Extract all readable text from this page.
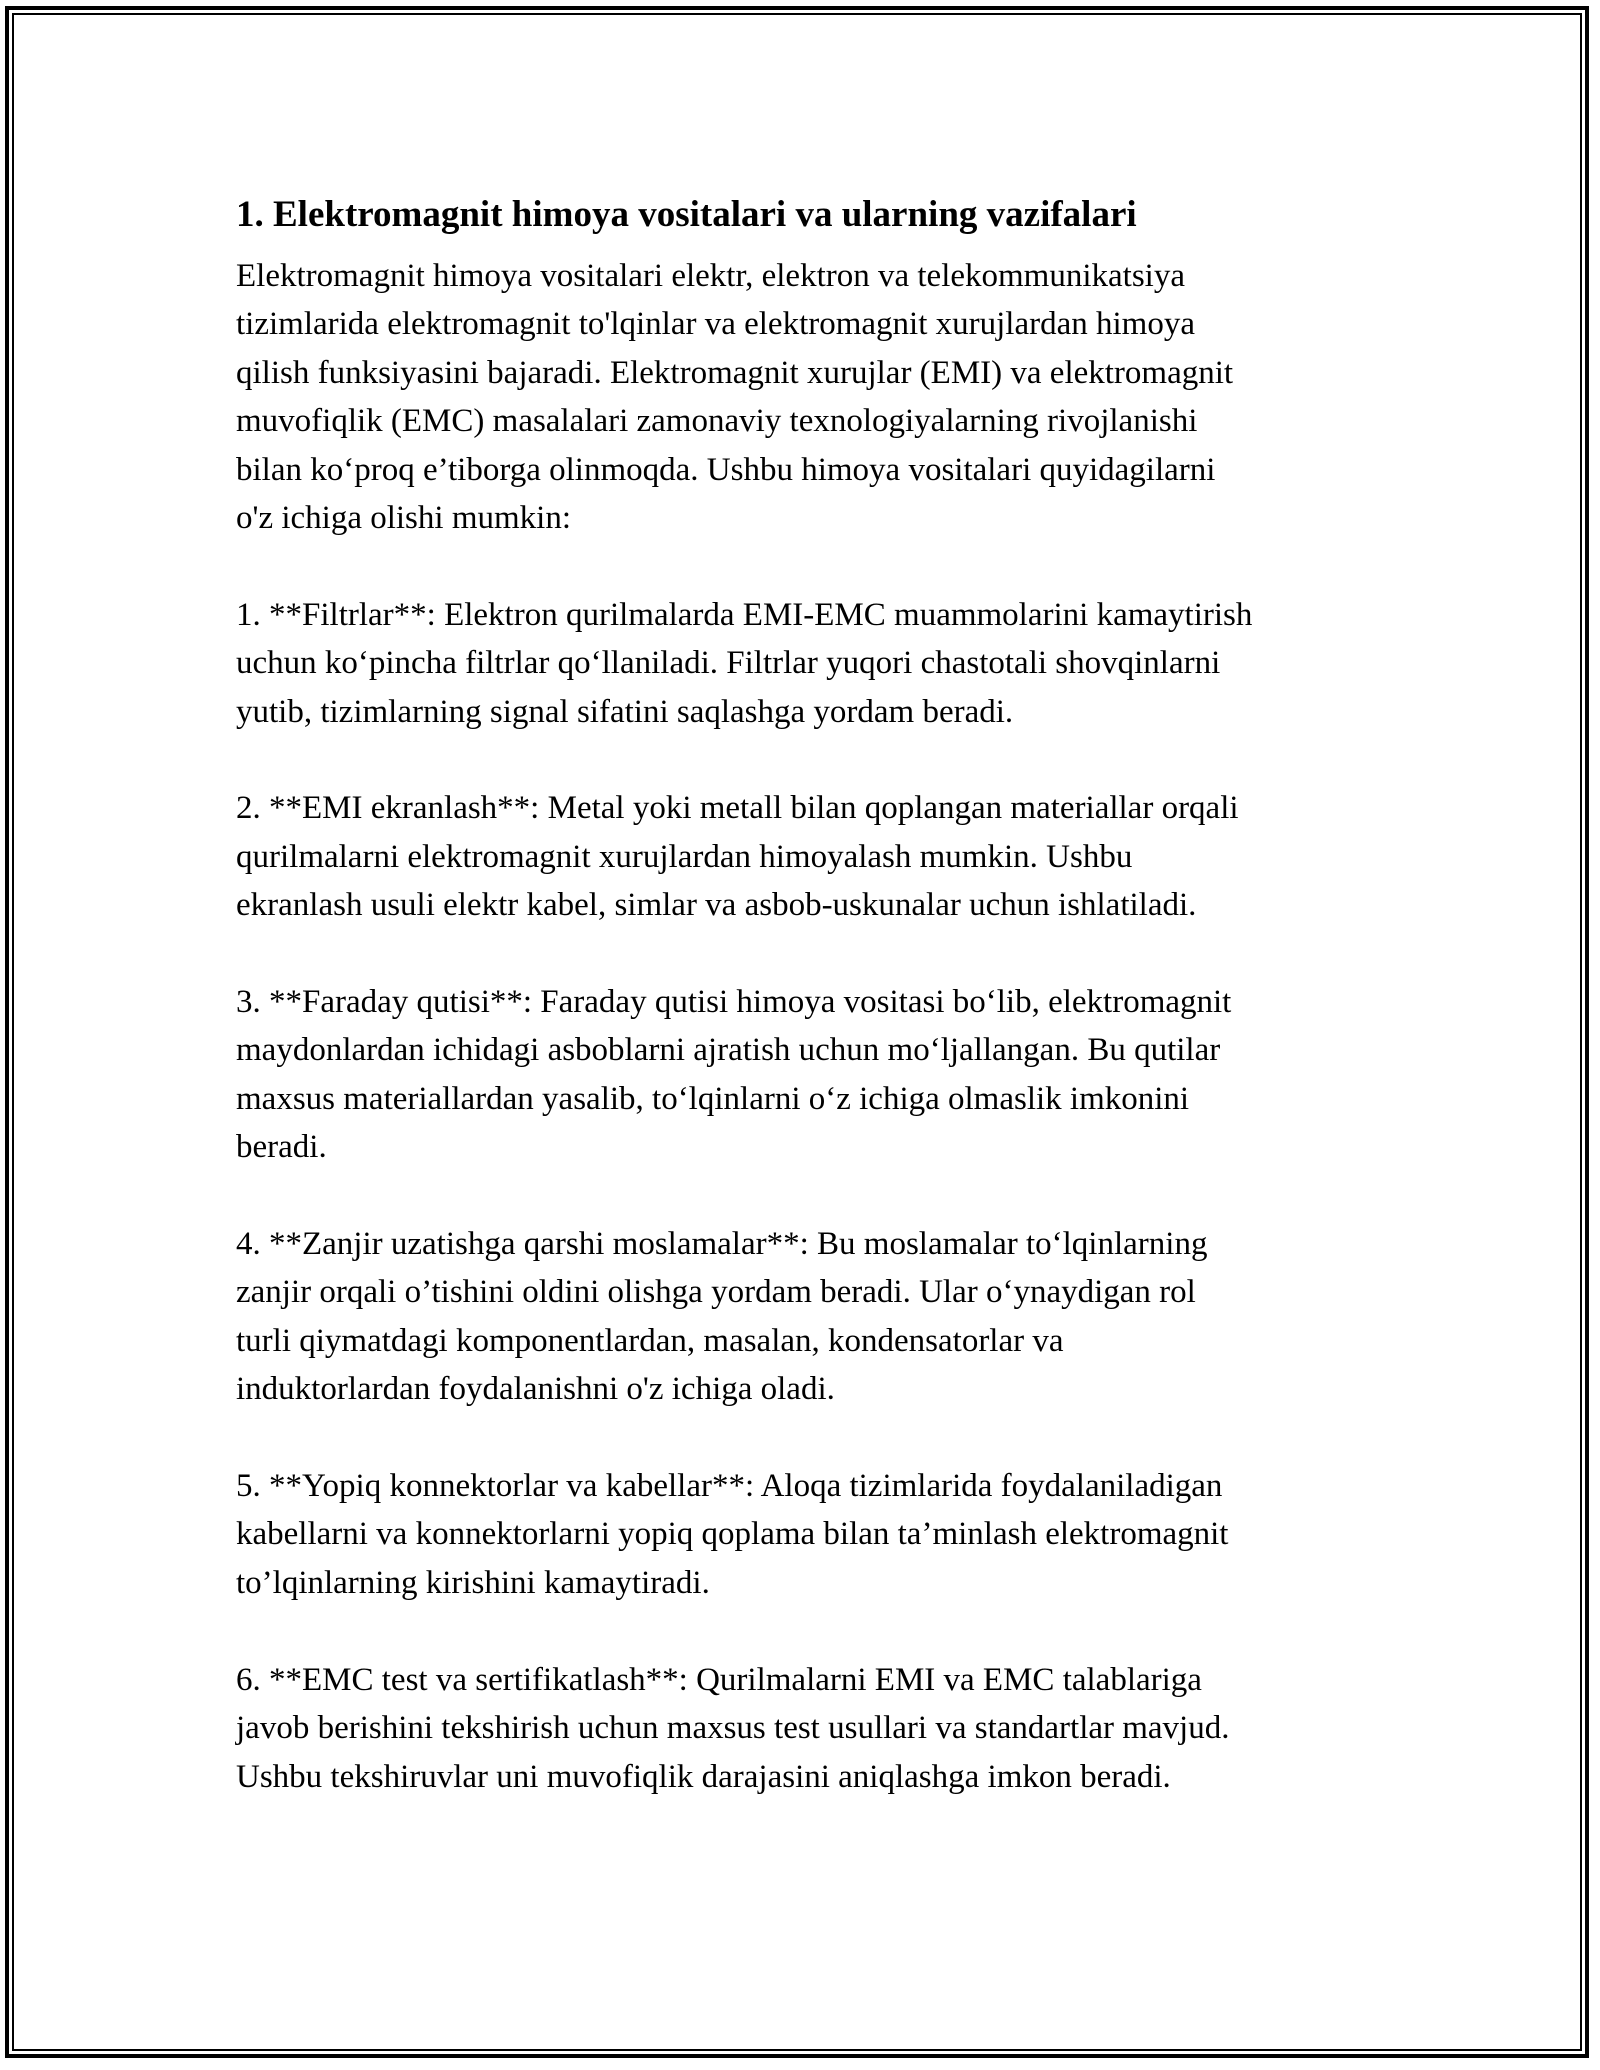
1. Elektromagnit himoya vositalari va ularning vazifalari

Elektromagnit himoya vositalari elektr, elektron va telekommunikatsiya
tizimlarida elektromagnit to'lqinlar va elektromagnit xurujlardan himoya
qilish funksiyasini bajaradi. Elektromagnit xurujlar (EMI) va elektromagnit
muvofiqlik (EMC) masalalari zamonaviy texnologiyalarning rivojlanishi
bilan ko‘proq e’tiborga olinmoqda. Ushbu himoya vositalari quyidagilarni
o'z ichiga olishi mumkin:

1. **Filtrlar**: Elektron qurilmalarda EMI-EMC muammolarini kamaytirish
uchun ko‘pincha filtrlar qo‘llaniladi. Filtrlar yuqori chastotali shovqinlarni
yutib, tizimlarning signal sifatini saqlashga yordam beradi.

2. **EMI ekranlash**: Metal yoki metall bilan qoplangan materiallar orqali
qurilmalarni elektromagnit xurujlardan himoyalash mumkin. Ushbu
ekranlash usuli elektr kabel, simlar va asbob-uskunalar uchun ishlatiladi.

3. **Faraday qutisi**: Faraday qutisi himoya vositasi bo‘lib, elektromagnit
maydonlardan ichidagi asboblarni ajratish uchun mo‘ljallangan. Bu qutilar
maxsus materiallardan yasalib, to‘lqinlarni o‘z ichiga olmaslik imkonini
beradi.

4. **Zanjir uzatishga qarshi moslamalar**: Bu moslamalar to‘lqinlarning
zanjir orqali o’tishini oldini olishga yordam beradi. Ular o‘ynaydigan rol
turli qiymatdagi komponentlardan, masalan, kondensatorlar va
induktorlardan foydalanishni o'z ichiga oladi.

5. **Yopiq konnektorlar va kabellar**: Aloqa tizimlarida foydalaniladigan
kabellarni va konnektorlarni yopiq qoplama bilan ta’minlash elektromagnit
to’lqinlarning kirishini kamaytiradi.

6. **EMC test va sertifikatlash**: Qurilmalarni EMI va EMC talablariga
javob berishini tekshirish uchun maxsus test usullari va standartlar mavjud.
Ushbu tekshiruvlar uni muvofiqlik darajasini aniqlashga imkon beradi.
